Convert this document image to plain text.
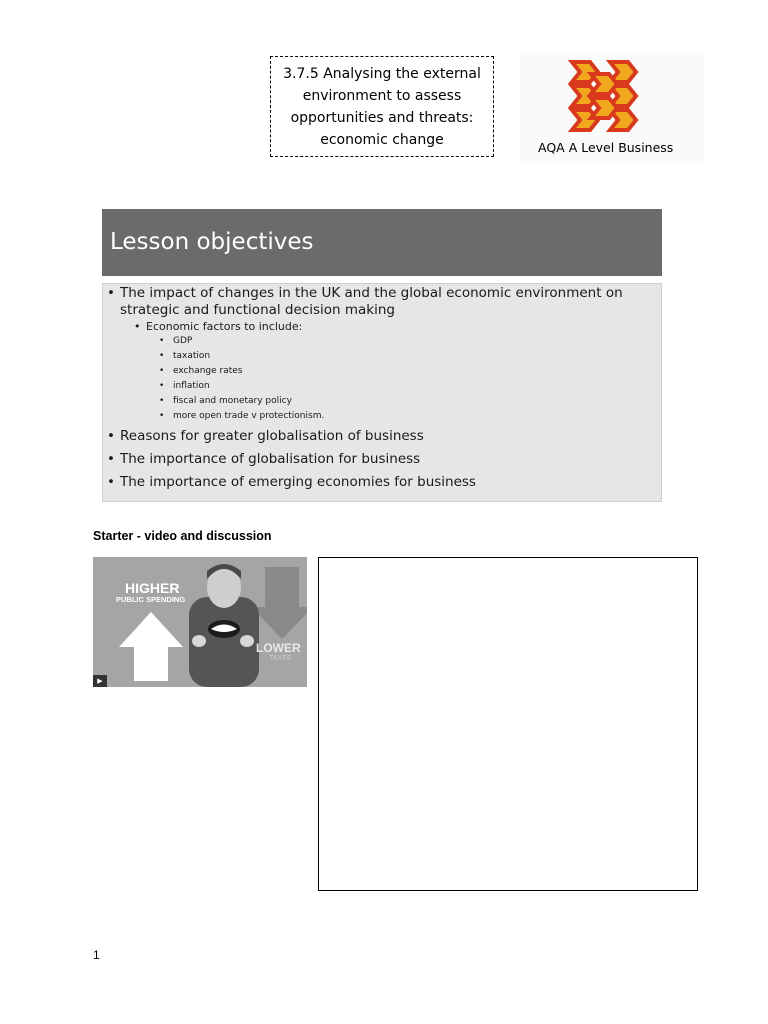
3.7.5 Analysing the external
environment to assess
opportunities and threats:
economic change	AQA A Level Business
Lesson objectives
• The impact of changes in the UK and the global economic environment on strategic and functional decision making
• Economic factors to include:
• GDP
• taxation
• exchange rates
• inflation
• fiscal and monetary policy
• more open trade v protectionism.
• Reasons for greater globalisation of business
• The importance of globalisation for business
• The importance of emerging economies for business
Starter - video and discussion
HIGHER
PUBLIC SPENDING
LOWER
TAXES
▶
1
